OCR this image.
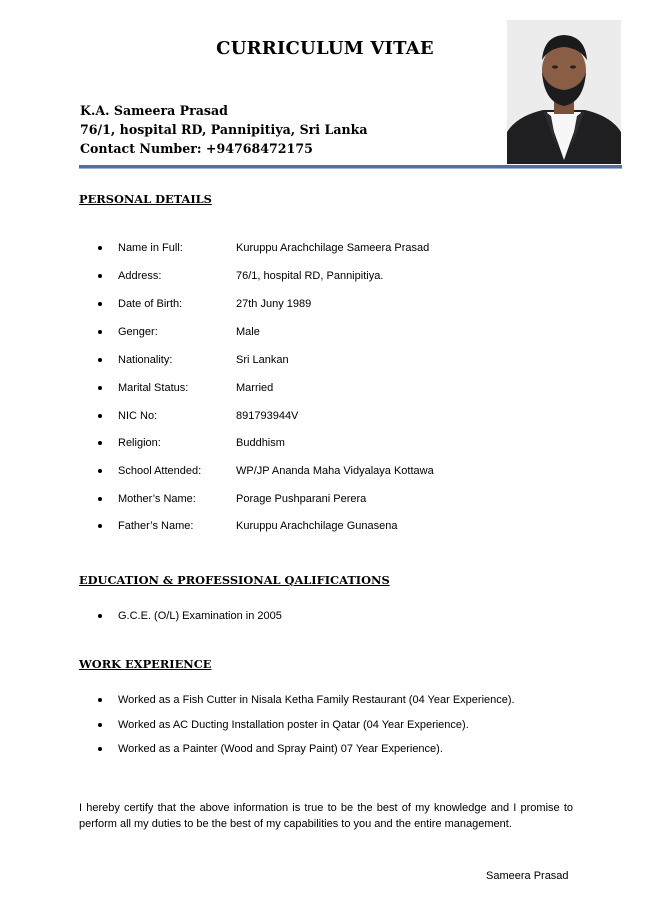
CURRICULUM VITAE
K.A. Sameera Prasad
76/1, hospital RD, Pannipitiya, Sri Lanka
Contact Number: +94768472175
PERSONAL DETAILS
Name in Full:	Kuruppu Arachchilage Sameera Prasad
Address:	76/1, hospital RD, Pannipitiya.
Date of Birth:	27th Juny 1989
Genger:	Male
Nationality:	Sri Lankan
Marital Status:	Married
NIC No:	891793944V
Religion:	Buddhism
School Attended:	WP/JP Ananda Maha Vidyalaya Kottawa
Mother’s Name:	Porage Pushparani Perera
Father’s Name:	Kuruppu Arachchilage Gunasena
EDUCATION & PROFESSIONAL QALIFICATIONS
G.C.E. (O/L) Examination in 2005
WORK EXPERIENCE
Worked as a Fish Cutter in Nisala Ketha Family Restaurant (04 Year Experience).
Worked as AC Ducting Installation poster in Qatar (04 Year Experience).
Worked as a Painter (Wood and Spray Paint) 07 Year Experience).
I hereby certify that the above information is true to be the best of my knowledge and I promise to perform all my duties to be the best of my capabilities to you and the entire management.
Sameera Prasad
